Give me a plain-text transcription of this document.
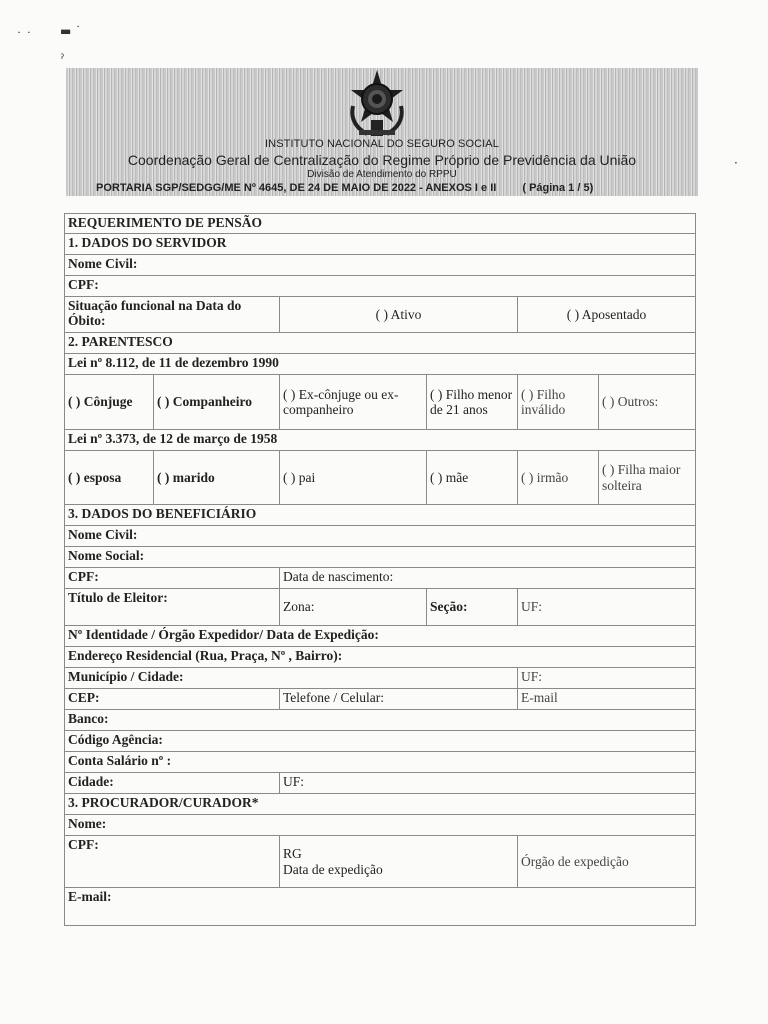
˙ ˙ ▬ ˙
ˀ
·
INSTITUTO NACIONAL DO SEGURO SOCIAL
Coordenação Geral de Centralização do Regime Próprio de Previdência da União
Divisão de Atendimento do RPPU
PORTARIA SGP/SEDGG/ME Nº 4645, DE 24 DE MAIO DE 2022 - ANEXOS I e II ( Página 1 / 5)
REQUERIMENTO DE PENSÃO					
1. DADOS DO SERVIDOR					
Nome Civil:					
CPF:					
Situação funcional na Data do Óbito:		( ) Ativo		( ) Aposentado	
2. PARENTESCO					
Lei nº 8.112, de 11 de dezembro 1990					
( ) Cônjuge	( ) Companheiro	( ) Ex-cônjuge ou ex-companheiro	( ) Filho menor de 21 anos	( ) Filho inválido	( ) Outros:
Lei nº 3.373, de 12 de março de 1958					
( ) esposa	( ) marido	( ) pai	( ) mãe	( ) irmão	( ) Filha maior solteira
3. DADOS DO BENEFICIÁRIO					
Nome Civil:					
Nome Social:					
CPF:		Data de nascimento:			
Título de Eleitor:		Zona:	Seção:	UF:	
Nº Identidade / Órgão Expedidor/ Data de Expedição:					
Endereço Residencial (Rua, Praça, Nº , Bairro):					
Município / Cidade:				UF:	
CEP:		Telefone / Celular:		E-mail	
Banco:					
Código Agência:					
Conta Salário nº :					
Cidade:		UF:			
3. PROCURADOR/CURADOR*					
Nome:					
CPF:		RG
Data de expedição		Órgão de expedição	
E-mail:					
